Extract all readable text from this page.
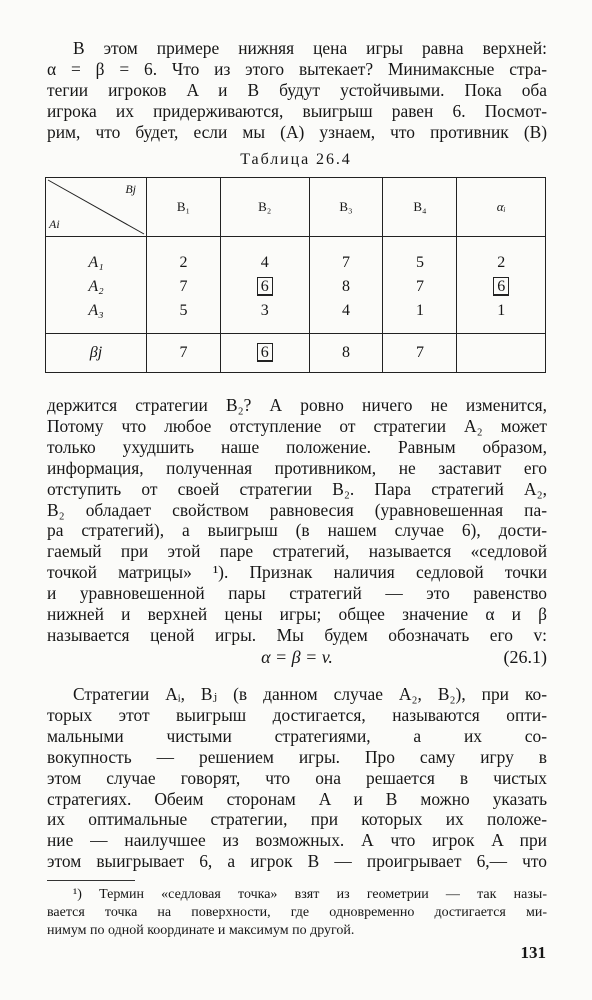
В этом примере нижняя цена игры равна верхней:
α = β = 6. Что из этого вытекает? Минимаксные стра-
тегии игроков A и B будут устойчивыми. Пока оба
игрока их придерживаются, выигрыш равен 6. Посмот-
рим, что будет, если мы (A) узнаем, что противник (B)
Таблица 26.4
Bj
Ai	B₁	B₂	B₃	B₄	αᵢ
A₁	2	4	7	5	2
A₂	7	6	8	7	6
A₃	5	3	4	1	1
βj	7	6	8	7	
держится стратегии B₂? А ровно ничего не изменится,
Потому что любое отступление от стратегии A₂ может
только ухудшить наше положение. Равным образом,
информация, полученная противником, не заставит его
отступить от своей стратегии B₂. Пара стратегий A₂,
B₂ обладает свойством равновесия (уравновешенная па-
ра стратегий), а выигрыш (в нашем случае 6), дости-
гаемый при этой паре стратегий, называется «седловой
точкой матрицы» ¹). Признак наличия седловой точки
и уравновешенной пары стратегий — это равенство
нижней и верхней цены игры; общее значение α и β
называется ценой игры. Мы будем обозначать его v:
α = β = v.	(26.1)
Стратегии Aᵢ, Bⱼ (в данном случае A₂, B₂), при ко-
торых этот выигрыш достигается, называются опти-
мальными чистыми стратегиями, а их со-
вокупность — решением игры. Про саму игру в
этом случае говорят, что она решается в чистых
стратегиях. Обеим сторонам A и B можно указать
их оптимальные стратегии, при которых их положе-
ние — наилучшее из возможных. А что игрок A при
этом выигрывает 6, а игрок B — проигрывает 6,— что
¹) Термин «седловая точка» взят из геометрии — так назы-
вается точка на поверхности, где одновременно достигается ми-
нимум по одной координате и максимум по другой.
131
